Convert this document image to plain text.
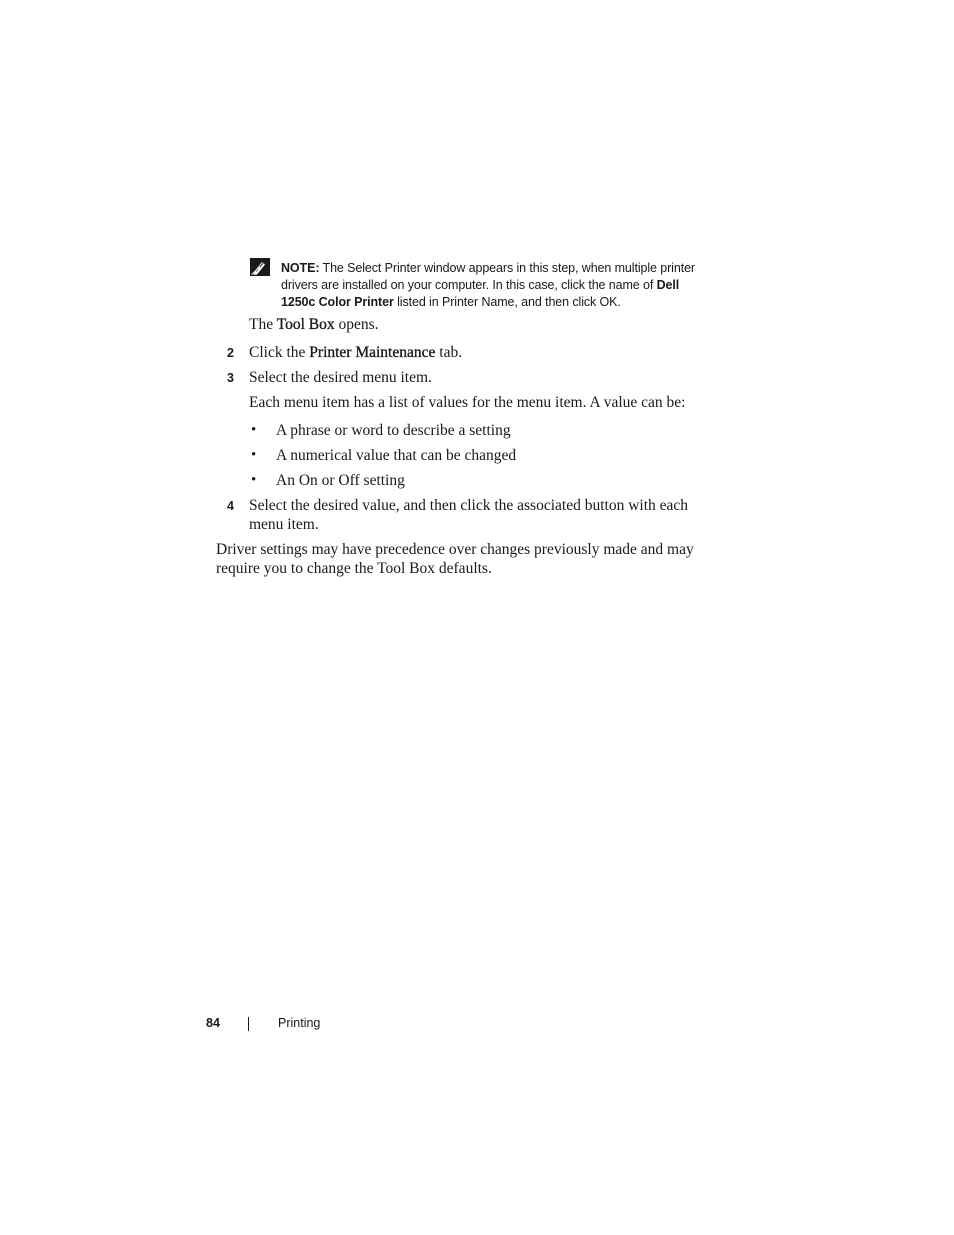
NOTE: The Select Printer window appears in this step, when multiple printer
drivers are installed on your computer. In this case, click the name of Dell
1250c Color Printer listed in Printer Name, and then click OK.
The Tool Box opens.
2 Click the Printer Maintenance tab.
3 Select the desired menu item.
Each menu item has a list of values for the menu item. A value can be:
• A phrase or word to describe a setting
• A numerical value that can be changed
• An On or Off setting
4 Select the desired value, and then click the associated button with each
menu item.
Driver settings may have precedence over changes previously made and may
require you to change the Tool Box defaults.
84	Printing
